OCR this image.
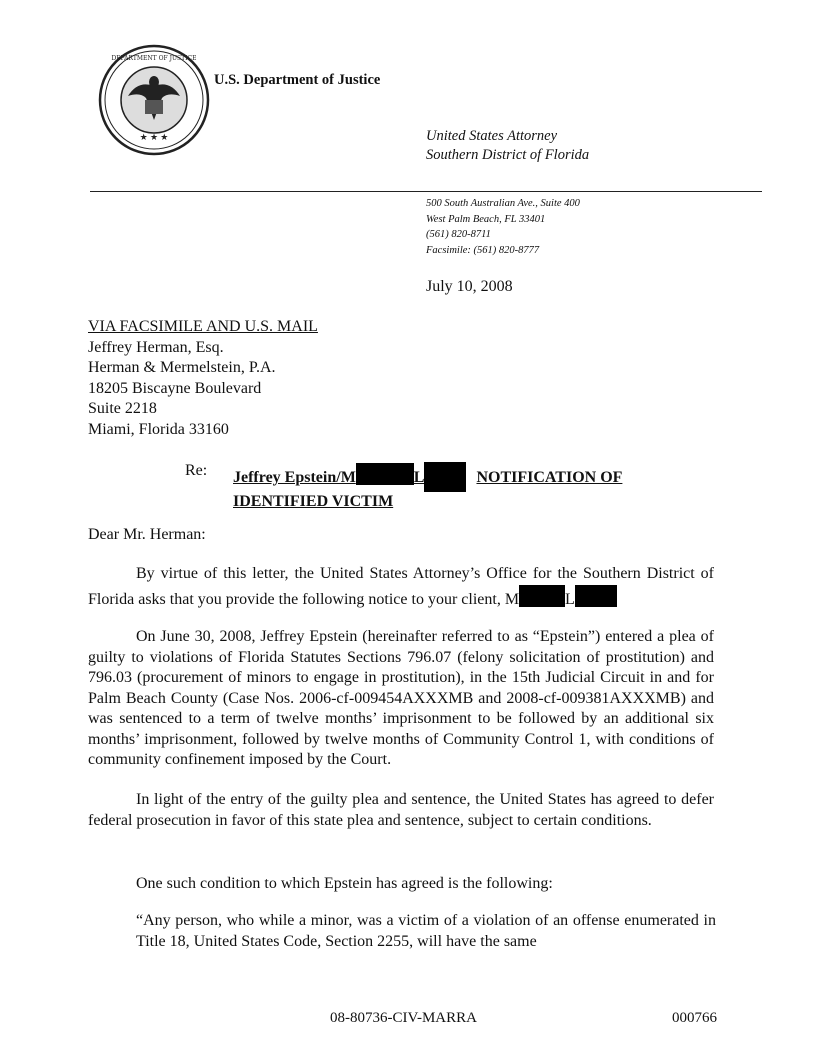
★ ★ ★
DEPARTMENT OF JUSTICE
U.S. Department of Justice
United States Attorney
Southern District of Florida
500 South Australian Ave., Suite 400
West Palm Beach, FL 33401
(561) 820-8711
Facsimile: (561) 820-8777
July 10, 2008
VIA FACSIMILE AND U.S. MAIL
Jeffrey Herman, Esq.
Herman & Mermelstein, P.A.
18205 Biscayne Boulevard
Suite 2218
Miami, Florida 33160
Re: Jeffrey Epstein/M	L	NOTIFICATION OF
IDENTIFIED VICTIM
Dear Mr. Herman:

By virtue of this letter, the United States Attorney’s Office for the Southern District of Florida asks that you provide the following notice to your client, M	L

On June 30, 2008, Jeffrey Epstein (hereinafter referred to as “Epstein”) entered a plea of guilty to violations of Florida Statutes Sections 796.07 (felony solicitation of prostitution) and 796.03 (procurement of minors to engage in prostitution), in the 15th Judicial Circuit in and for Palm Beach County (Case Nos. 2006-cf-009454AXXXMB and 2008-cf-009381AXXXMB) and was sentenced to a term of twelve months’ imprisonment to be followed by an additional six months’ imprisonment, followed by twelve months of Community Control 1, with conditions of community confinement imposed by the Court.

In light of the entry of the guilty plea and sentence, the United States has agreed to defer federal prosecution in favor of this state plea and sentence, subject to certain conditions.

One such condition to which Epstein has agreed is the following:

“Any person, who while a minor, was a victim of a violation of an offense enumerated in Title 18, United States Code, Section 2255, will have the same

08-80736-CIV-MARRA	000766
